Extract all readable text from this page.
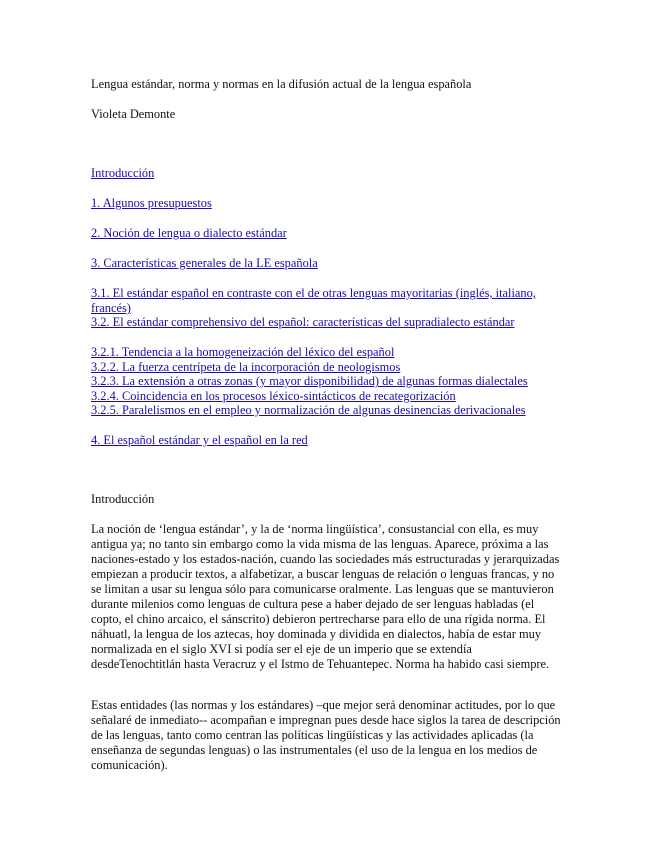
Lengua estándar, norma y normas en la difusión actual de la lengua española
Violeta Demonte
Introducción
1. Algunos presupuestos
2. Noción de lengua o dialecto estándar
3. Características generales de la LE española
3.1. El estándar español en contraste con el de otras lenguas mayoritarias (inglés, italiano, francés)
3.2. El estándar comprehensivo del español: características del supradialecto estándar
3.2.1. Tendencia a la homogeneización del léxico del español
3.2.2. La fuerza centrípeta de la incorporación de neologismos
3.2.3. La extensión a otras zonas (y mayor disponibilidad) de algunas formas dialectales
3.2.4. Coincidencia en los procesos léxico-sintácticos de recategorización
3.2.5. Paralelismos en el empleo y normalización de algunas desinencias derivacionales
4. El español estándar y el español en la red
Introducción

La noción de ‘lengua estándar’, y la de ‘norma lingüística’, consustancial con ella, es muy antigua ya; no tanto sin embargo como la vida misma de las lenguas. Aparece, próxima a las naciones-estado y los estados-nación, cuando las sociedades más estructuradas y jerarquizadas empiezan a producir textos, a alfabetizar, a buscar lenguas de relación o lenguas francas, y no se limitan a usar su lengua sólo para comunicarse oralmente. Las lenguas que se mantuvieron durante milenios como lenguas de cultura pese a haber dejado de ser lenguas habladas (el copto, el chino arcaico, el sánscrito) debieron pertrecharse para ello de una rígida norma. El náhuatl, la lengua de los aztecas, hoy dominada y dividida en dialectos, había de estar muy normalizada en el siglo XVI si podía ser el eje de un imperio que se extendía desdeTenochtitlán hasta Veracruz y el Istmo de Tehuantepec. Norma ha habido casi siempre.

Estas entidades (las normas y los estándares) –que mejor será denominar actitudes, por lo que señalaré de inmediato-- acompañan e impregnan pues desde hace siglos la tarea de descripción de las lenguas, tanto como centran las políticas lingüísticas y las actividades aplicadas (la enseñanza de segundas lenguas) o las instrumentales (el uso de la lengua en los medios de comunicación).
